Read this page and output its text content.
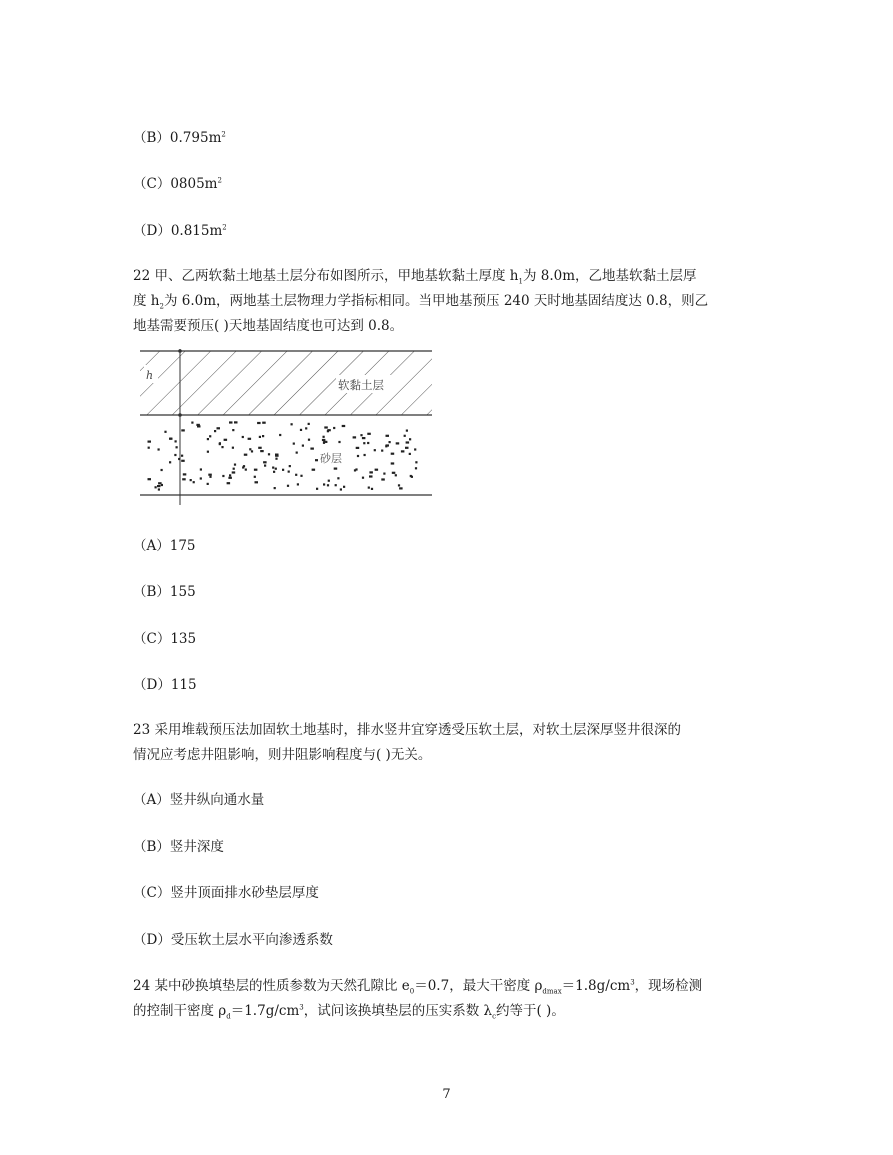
$(B)0.795m^2$
$(C)0805m^2$
$(D)0.815m^2$
22 甲、乙两软黏土地基土层分布如图所示，甲地基软黏土厚度 $h_1$为 8.0m，乙地基软黏土层厚
度 $h_2$为 6.0m，两地基土层物理力学指标相同。当甲地基预压 240 天时地基固结度达 0.8，则乙
地基需要预压( )天地基固结度也可达到 0.8。
h
软黏土层
砂层
（A）175
（B）155
（C）135
（D）115
23 采用堆载预压法加固软土地基时，排水竖井宜穿透受压软土层，对软土层深厚竖井很深的
情况应考虑井阻影响，则井阻影响程度与( )无关。
（A）竖井纵向通水量
（B）竖井深度
（C）竖井顶面排水砂垫层厚度
（D）受压软土层水平向渗透系数
24 某中砂换填垫层的性质参数为天然孔隙比 $e_0=0.7$，最大干密度 $\rho_{dmax}=1.8g/cm^3$，现场检测
的控制干密度 $\rho_d=1.7g/cm^3$，试问该换填垫层的压实系数 $\lambda_c$约等于( )。
7
